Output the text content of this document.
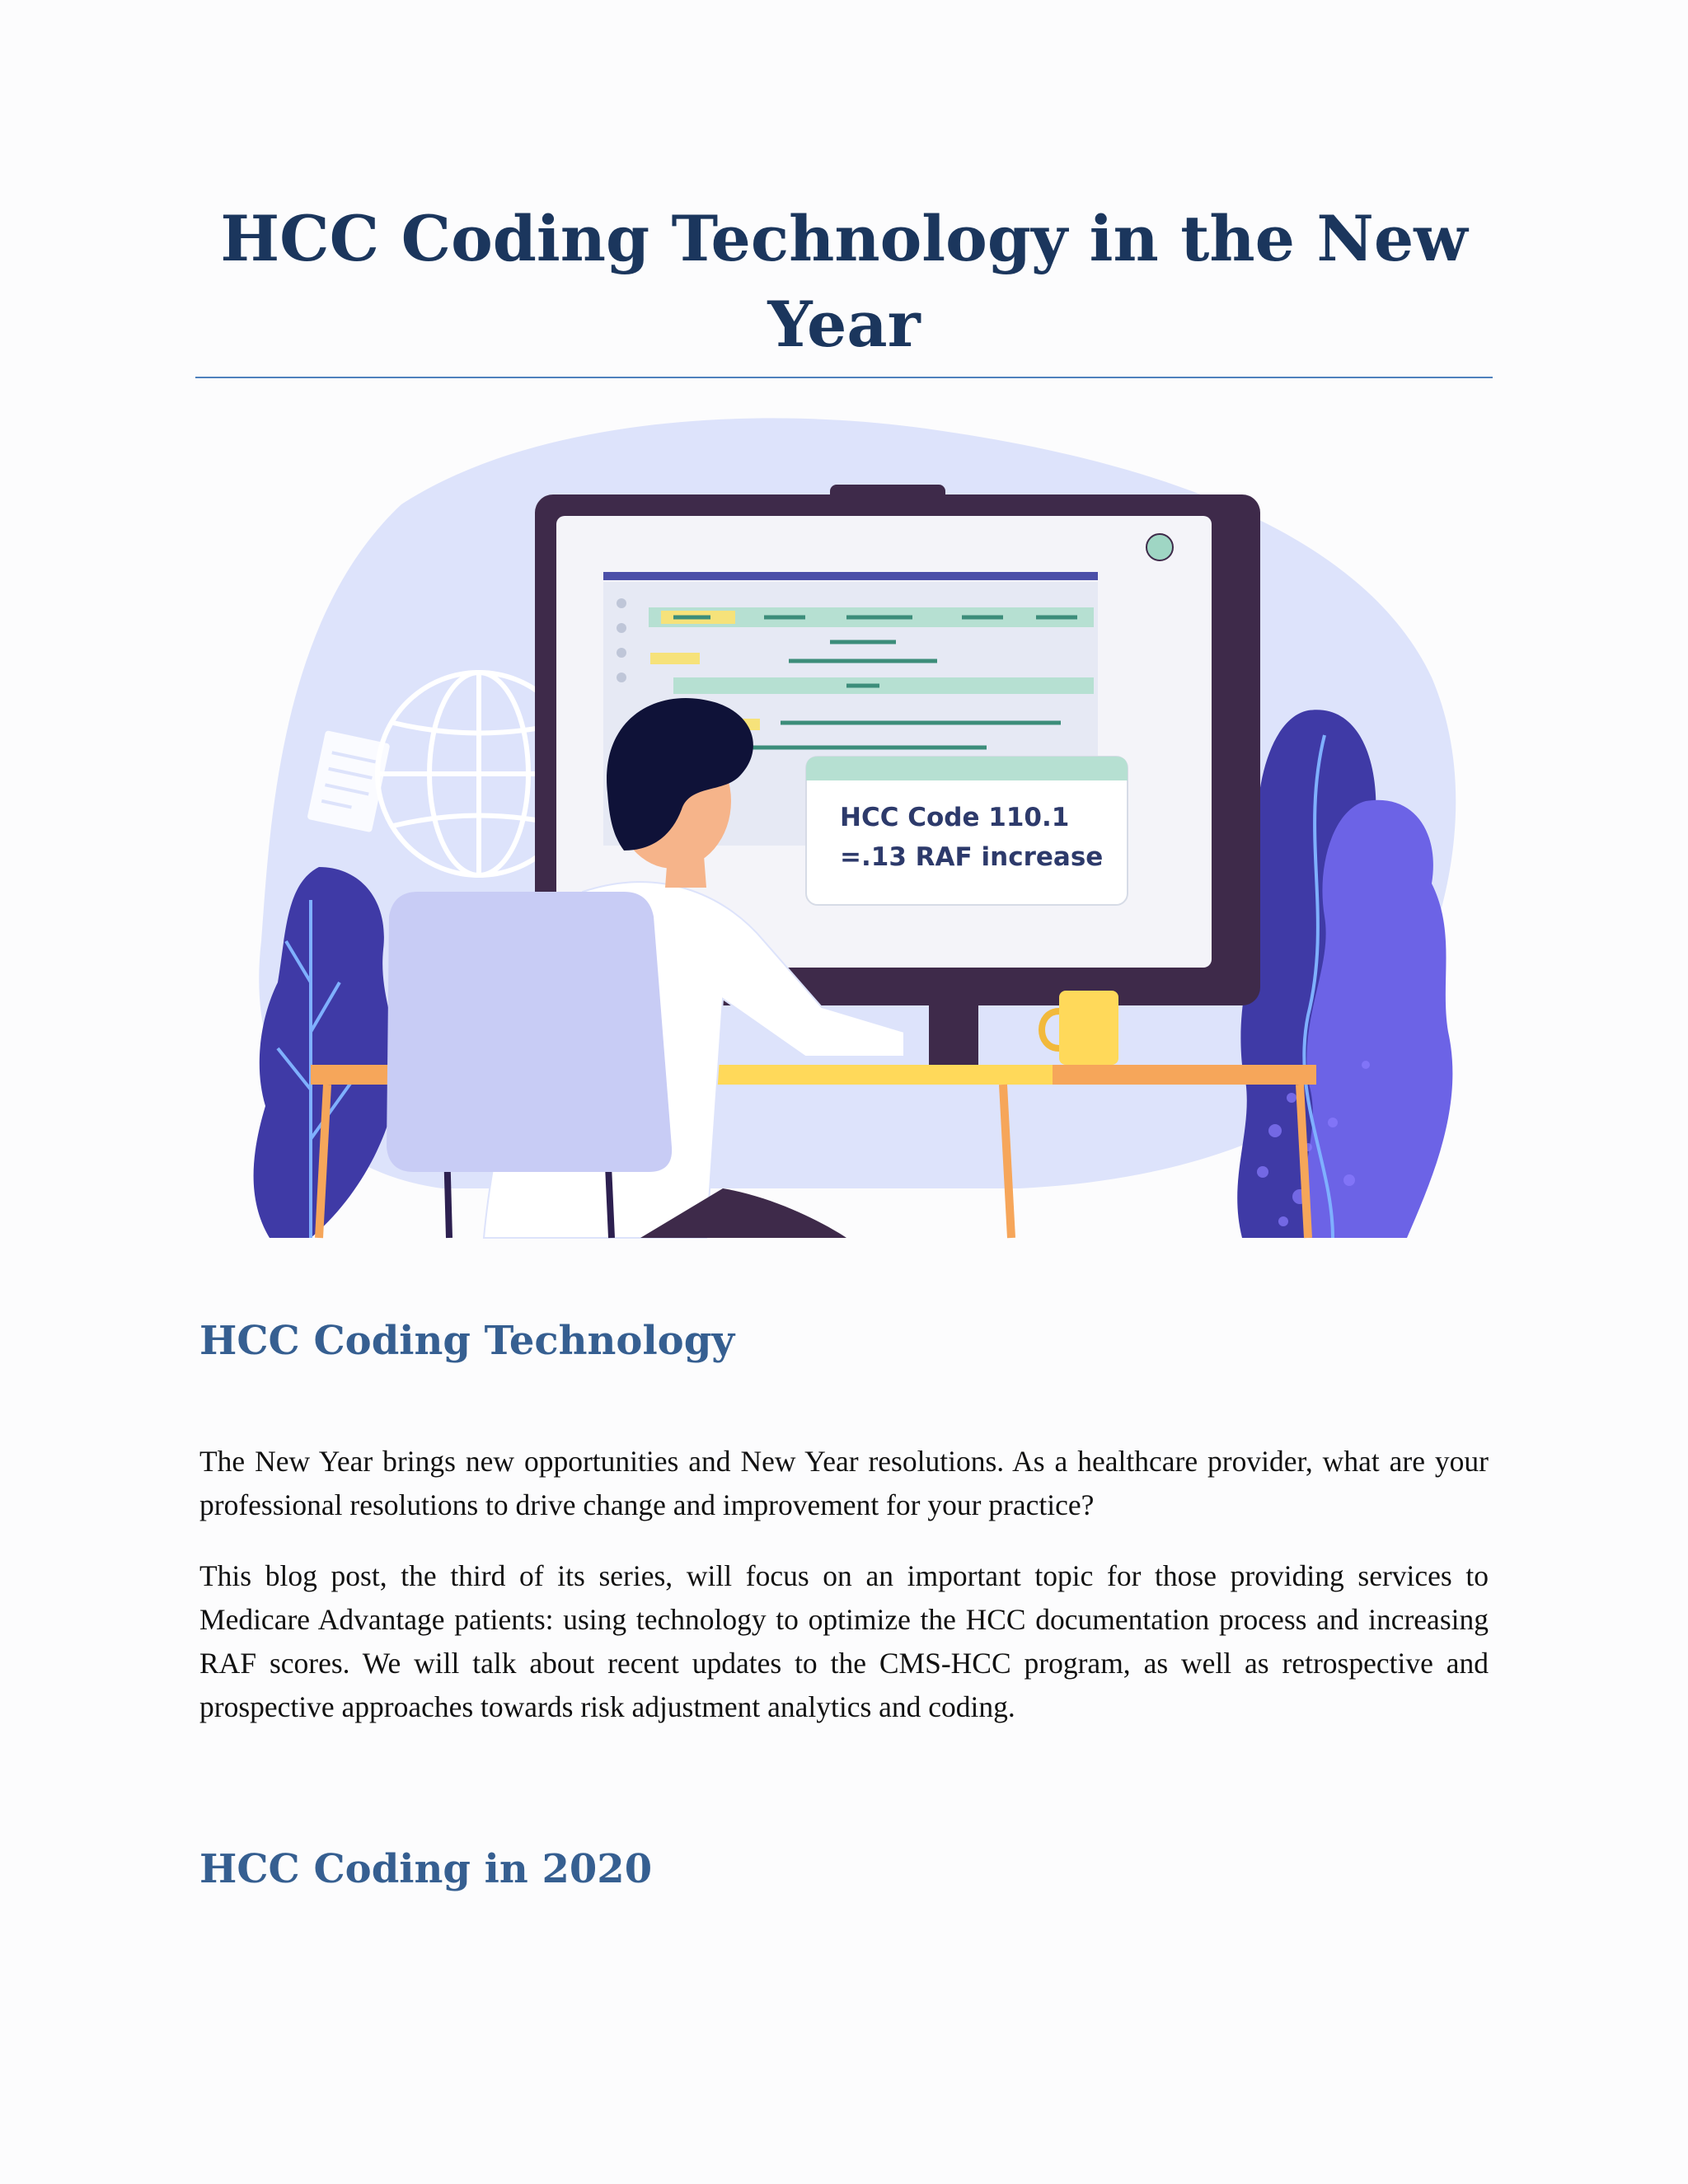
HCC Coding Technology in the New Year
HCC Code 110.1
=.13 RAF increase
HCC Coding Technology

The New Year brings new opportunities and New Year resolutions. As a healthcare provider, what are your professional resolutions to drive change and improvement for your practice?

This blog post, the third of its series, will focus on an important topic for those providing services to Medicare Advantage patients: using technology to optimize the HCC documentation process and increasing RAF scores. We will talk about recent updates to the CMS-HCC program, as well as retrospective and prospective approaches towards risk adjustment analytics and coding.

HCC Coding in 2020
